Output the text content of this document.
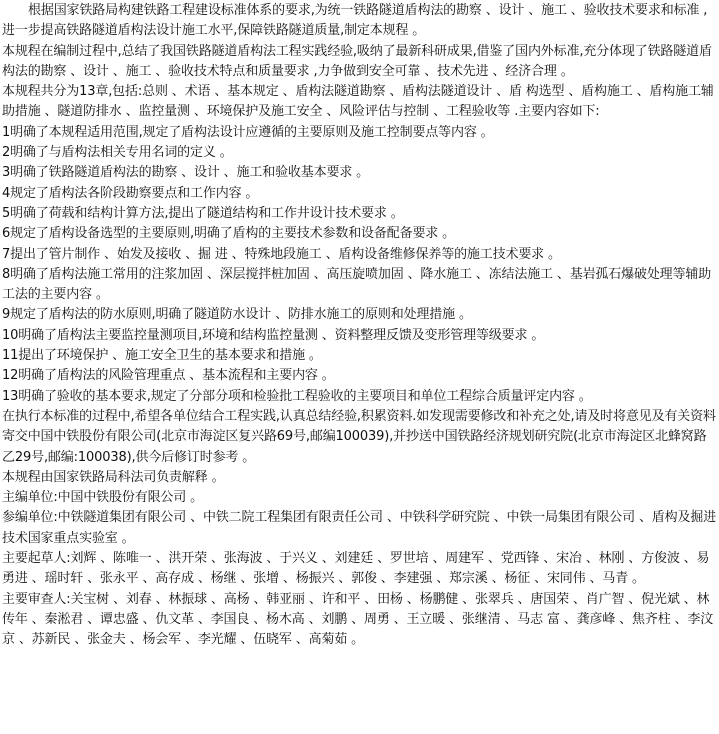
根据国家铁路局构建铁路工程建设标准体系的要求,为统一铁路隧道盾构法的勘察 、设计 、施工 、验收技术要求和标准 ,进一步提高铁路隧道盾构法设计施工水平,保障铁路隧道质量,制定本规程 。

本规程在编制过程中,总结了我国铁路隧道盾构法工程实践经验,吸纳了最新科研成果,借鉴了国内外标准,充分体现了铁路隧道盾构法的勘察 、设计 、施工 、验收技术特点和质量要求 ,力争做到安全可靠 、技术先进 、经济合理 。

本规程共分为13章,包括:总则 、术语 、基本规定 、盾构法隧道勘察 、盾构法隧道设计 、盾 构选型 、盾构施工 、盾构施工辅助措施 、隧道防排水 、监控量测 、环境保护及施工安全 、风险评估与控制 、工程验收等 .主要内容如下:

1明确了本规程适用范围,规定了盾构法设计应遵循的主要原则及施工控制要点等内容 。

2明确了与盾构法相关专用名词的定义 。

3明确了铁路隧道盾构法的勘察 、设计 、施工和验收基本要求 。

4规定了盾构法各阶段勘察要点和工作内容 。

5明确了荷载和结构计算方法,提出了隧道结构和工作井设计技术要求 。

6规定了盾构设备选型的主要原则,明确了盾构的主要技术参数和设备配备要求 。

7提出了管片制作 、始发及接收 、掘 进 、特殊地段施工 、盾构设备维修保养等的施工技术要求 。

8明确了盾构法施工常用的注浆加固 、深层搅拌桩加固 、高压旋喷加固 、降水施工 、冻结法施工 、基岩孤石爆破处理等辅助工法的主要内容 。

9规定了盾构法的防水原则,明确了隧道防水设计 、防排水施工的原则和处理措施 。

10明确了盾构法主要监控量测项目,环境和结构监控量测 、资料整理反馈及变形管理等级要求 。

11提出了环境保护 、施工安全卫生的基本要求和措施 。

12明确了盾构法的风险管理重点 、基本流程和主要内容 。

13明确了验收的基本要求,规定了分部分项和检验批工程验收的主要项目和单位工程综合质量评定内容 。

在执行本标准的过程中,希望各单位结合工程实践,认真总结经验,积累资料.如发现需要修改和补充之处,请及时将意见及有关资料寄交中国中铁股份有限公司(北京市海淀区复兴路69号,邮编100039),并抄送中国铁路经济规划研究院(北京市海淀区北蜂窝路乙29号,邮编:100038),供今后修订时参考 。

本规程由国家铁路局科法司负责解释 。

主编单位:中国中铁股份有限公司 。

参编单位:中铁隧道集团有限公司 、中铁二院工程集团有限责任公司 、中铁科学研究院 、中铁一局集团有限公司 、盾构及掘进技术国家重点实验室 。

主要起草人:刘辉 、陈唯一 、洪开荣 、张海波 、于兴义 、刘建廷 、罗世培 、周建军 、党西锋 、宋冶 、林刚 、方俊波 、易勇进 、瑶时轩 、张永平 、高存成 、杨继 、张增 、杨振兴 、郭俊 、李建强 、郑宗溪 、杨征 、宋同伟 、马青 。

主要审查人:关宝树 、刘春 、林振球 、高杨 、韩亚丽 、许和平 、田杨 、杨鹏健 、张翠兵 、唐国荣 、肖广智 、倪光斌 、林传年 、秦淞君 、谭忠盛 、仇文革 、李国良 、杨木高 、刘鹏 、周勇 、王立暖 、张继清 、马志 富 、龚彦峰 、焦齐柱 、李汶京 、苏新民 、张金夫 、杨会军 、李光耀 、伍晓军 、高菊茹 。
